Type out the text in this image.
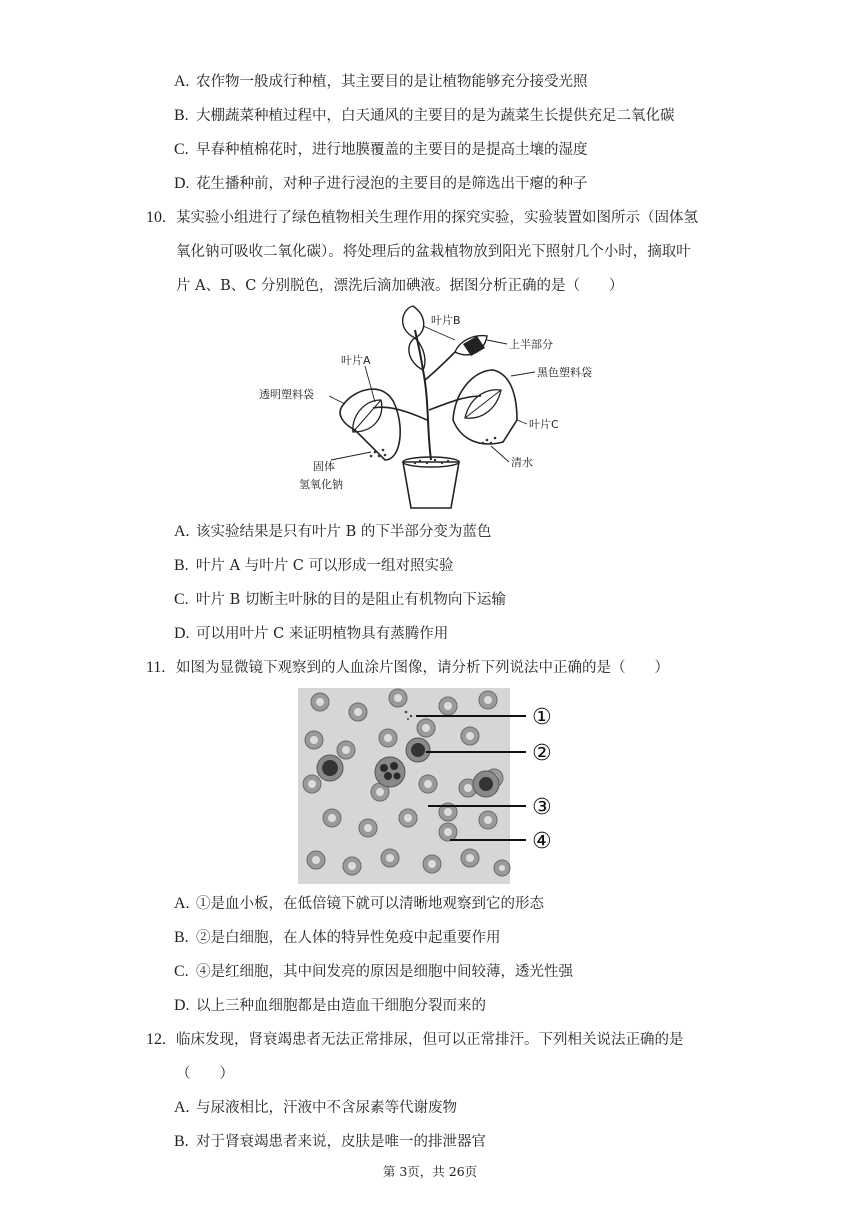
A. 农作物一般成行种植，其主要目的是让植物能够充分接受光照
B. 大棚蔬菜种植过程中，白天通风的主要目的是为蔬菜生长提供充足二氧化碳
C. 早春种植棉花时，进行地膜覆盖的主要目的是提高土壤的湿度
D. 花生播种前，对种子进行浸泡的主要目的是筛选出干瘪的种子
10. 某实验小组进行了绿色植物相关生理作用的探究实验，实验装置如图所示（固体氢
氧化钠可吸收二氧化碳）。将处理后的盆栽植物放到阳光下照射几个小时，摘取叶
片 A、B、C 分别脱色，漂洗后滴加碘液。据图分析正确的是（　　）
叶片B
上半部分
叶片A
黑色塑料袋
透明塑料袋
叶片C
固体
氢氧化钠
清水
A. 该实验结果是只有叶片 B 的下半部分变为蓝色
B. 叶片 A 与叶片 C 可以形成一组对照实验
C. 叶片 B 切断主叶脉的目的是阻止有机物向下运输
D. 可以用叶片 C 来证明植物具有蒸腾作用
11. 如图为显微镜下观察到的人血涂片图像，请分析下列说法中正确的是（　　）
①
②
③
④
A. ①是血小板，在低倍镜下就可以清晰地观察到它的形态
B. ②是白细胞，在人体的特异性免疫中起重要作用
C. ④是红细胞，其中间发亮的原因是细胞中间较薄，透光性强
D. 以上三种血细胞都是由造血干细胞分裂而来的
12. 临床发现，肾衰竭患者无法正常排尿，但可以正常排汗。下列相关说法正确的是
（　　）
A. 与尿液相比，汗液中不含尿素等代谢废物
B. 对于肾衰竭患者来说，皮肤是唯一的排泄器官
第 3页，共 26页
